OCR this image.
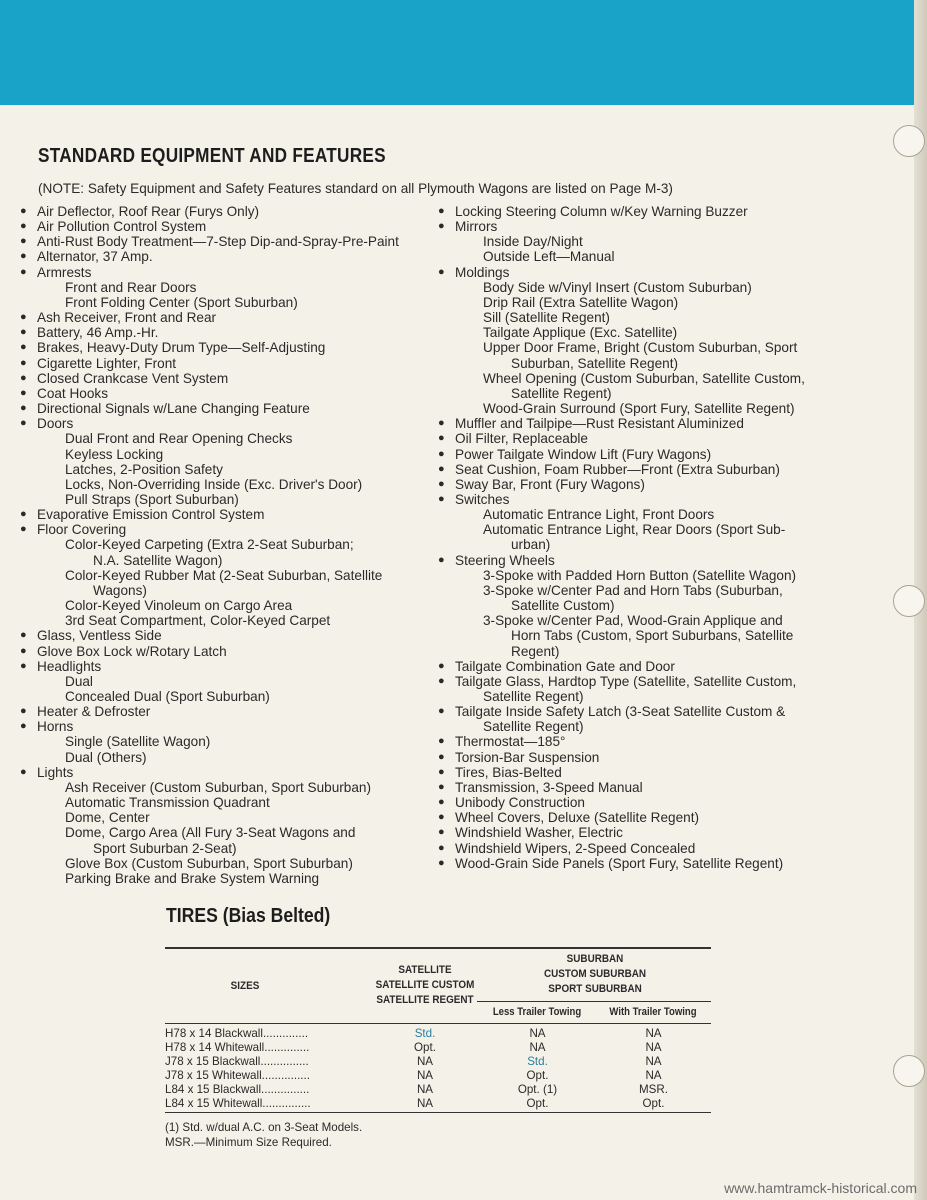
STANDARD EQUIPMENT AND FEATURES

(NOTE: Safety Equipment and Safety Features standard on all Plymouth Wagons are listed on Page M-3)

● Air Deflector, Roof Rear (Furys Only)
● Air Pollution Control System
● Anti-Rust Body Treatment—7-Step Dip-and-Spray-Pre-Paint
● Alternator, 37 Amp.
● Armrests
Front and Rear Doors
Front Folding Center (Sport Suburban)
● Ash Receiver, Front and Rear
● Battery, 46 Amp.-Hr.
● Brakes, Heavy-Duty Drum Type—Self-Adjusting
● Cigarette Lighter, Front
● Closed Crankcase Vent System
● Coat Hooks
● Directional Signals w/Lane Changing Feature
● Doors
Dual Front and Rear Opening Checks
Keyless Locking
Latches, 2-Position Safety
Locks, Non-Overriding Inside (Exc. Driver's Door)
Pull Straps (Sport Suburban)
● Evaporative Emission Control System
● Floor Covering
Color-Keyed Carpeting (Extra 2-Seat Suburban;
N.A. Satellite Wagon)
Color-Keyed Rubber Mat (2-Seat Suburban, Satellite
Wagons)
Color-Keyed Vinoleum on Cargo Area
3rd Seat Compartment, Color-Keyed Carpet
● Glass, Ventless Side
● Glove Box Lock w/Rotary Latch
● Headlights
Dual
Concealed Dual (Sport Suburban)
● Heater & Defroster
● Horns
Single (Satellite Wagon)
Dual (Others)
● Lights
Ash Receiver (Custom Suburban, Sport Suburban)
Automatic Transmission Quadrant
Dome, Center
Dome, Cargo Area (All Fury 3-Seat Wagons and
Sport Suburban 2-Seat)
Glove Box (Custom Suburban, Sport Suburban)
Parking Brake and Brake System Warning
● Locking Steering Column w/Key Warning Buzzer
● Mirrors
Inside Day/Night
Outside Left—Manual
● Moldings
Body Side w/Vinyl Insert (Custom Suburban)
Drip Rail (Extra Satellite Wagon)
Sill (Satellite Regent)
Tailgate Applique (Exc. Satellite)
Upper Door Frame, Bright (Custom Suburban, Sport
Suburban, Satellite Regent)
Wheel Opening (Custom Suburban, Satellite Custom,
Satellite Regent)
Wood-Grain Surround (Sport Fury, Satellite Regent)
● Muffler and Tailpipe—Rust Resistant Aluminized
● Oil Filter, Replaceable
● Power Tailgate Window Lift (Fury Wagons)
● Seat Cushion, Foam Rubber—Front (Extra Suburban)
● Sway Bar, Front (Fury Wagons)
● Switches
Automatic Entrance Light, Front Doors
Automatic Entrance Light, Rear Doors (Sport Sub-
urban)
● Steering Wheels
3-Spoke with Padded Horn Button (Satellite Wagon)
3-Spoke w/Center Pad and Horn Tabs (Suburban,
Satellite Custom)
3-Spoke w/Center Pad, Wood-Grain Applique and
Horn Tabs (Custom, Sport Suburbans, Satellite
Regent)
● Tailgate Combination Gate and Door
● Tailgate Glass, Hardtop Type (Satellite, Satellite Custom,
Satellite Regent)
● Tailgate Inside Safety Latch (3-Seat Satellite Custom &
Satellite Regent)
● Thermostat—185°
● Torsion-Bar Suspension
● Tires, Bias-Belted
● Transmission, 3-Speed Manual
● Unibody Construction
● Wheel Covers, Deluxe (Satellite Regent)
● Windshield Washer, Electric
● Windshield Wipers, 2-Speed Concealed
● Wood-Grain Side Panels (Sport Fury, Satellite Regent)
TIRES (Bias Belted)
SIZES
SATELLITE
SATELLITE CUSTOM
SATELLITE REGENT
SUBURBAN
CUSTOM SUBURBAN
SPORT SUBURBAN
Less Trailer Towing	With Trailer Towing
H78 x 14 Blackwall..............	Std.	NA	NA
H78 x 14 Whitewall..............	Opt.	NA	NA
J78 x 15 Blackwall...............	NA	Std.	NA
J78 x 15 Whitewall...............	NA	Opt.	NA
L84 x 15 Blackwall...............	NA	Opt. (1)	MSR.
L84 x 15 Whitewall...............	NA	Opt.	Opt.
(1) Std. w/dual A.C. on 3-Seat Models.
MSR.—Minimum Size Required.
www.hamtramck-historical.com
